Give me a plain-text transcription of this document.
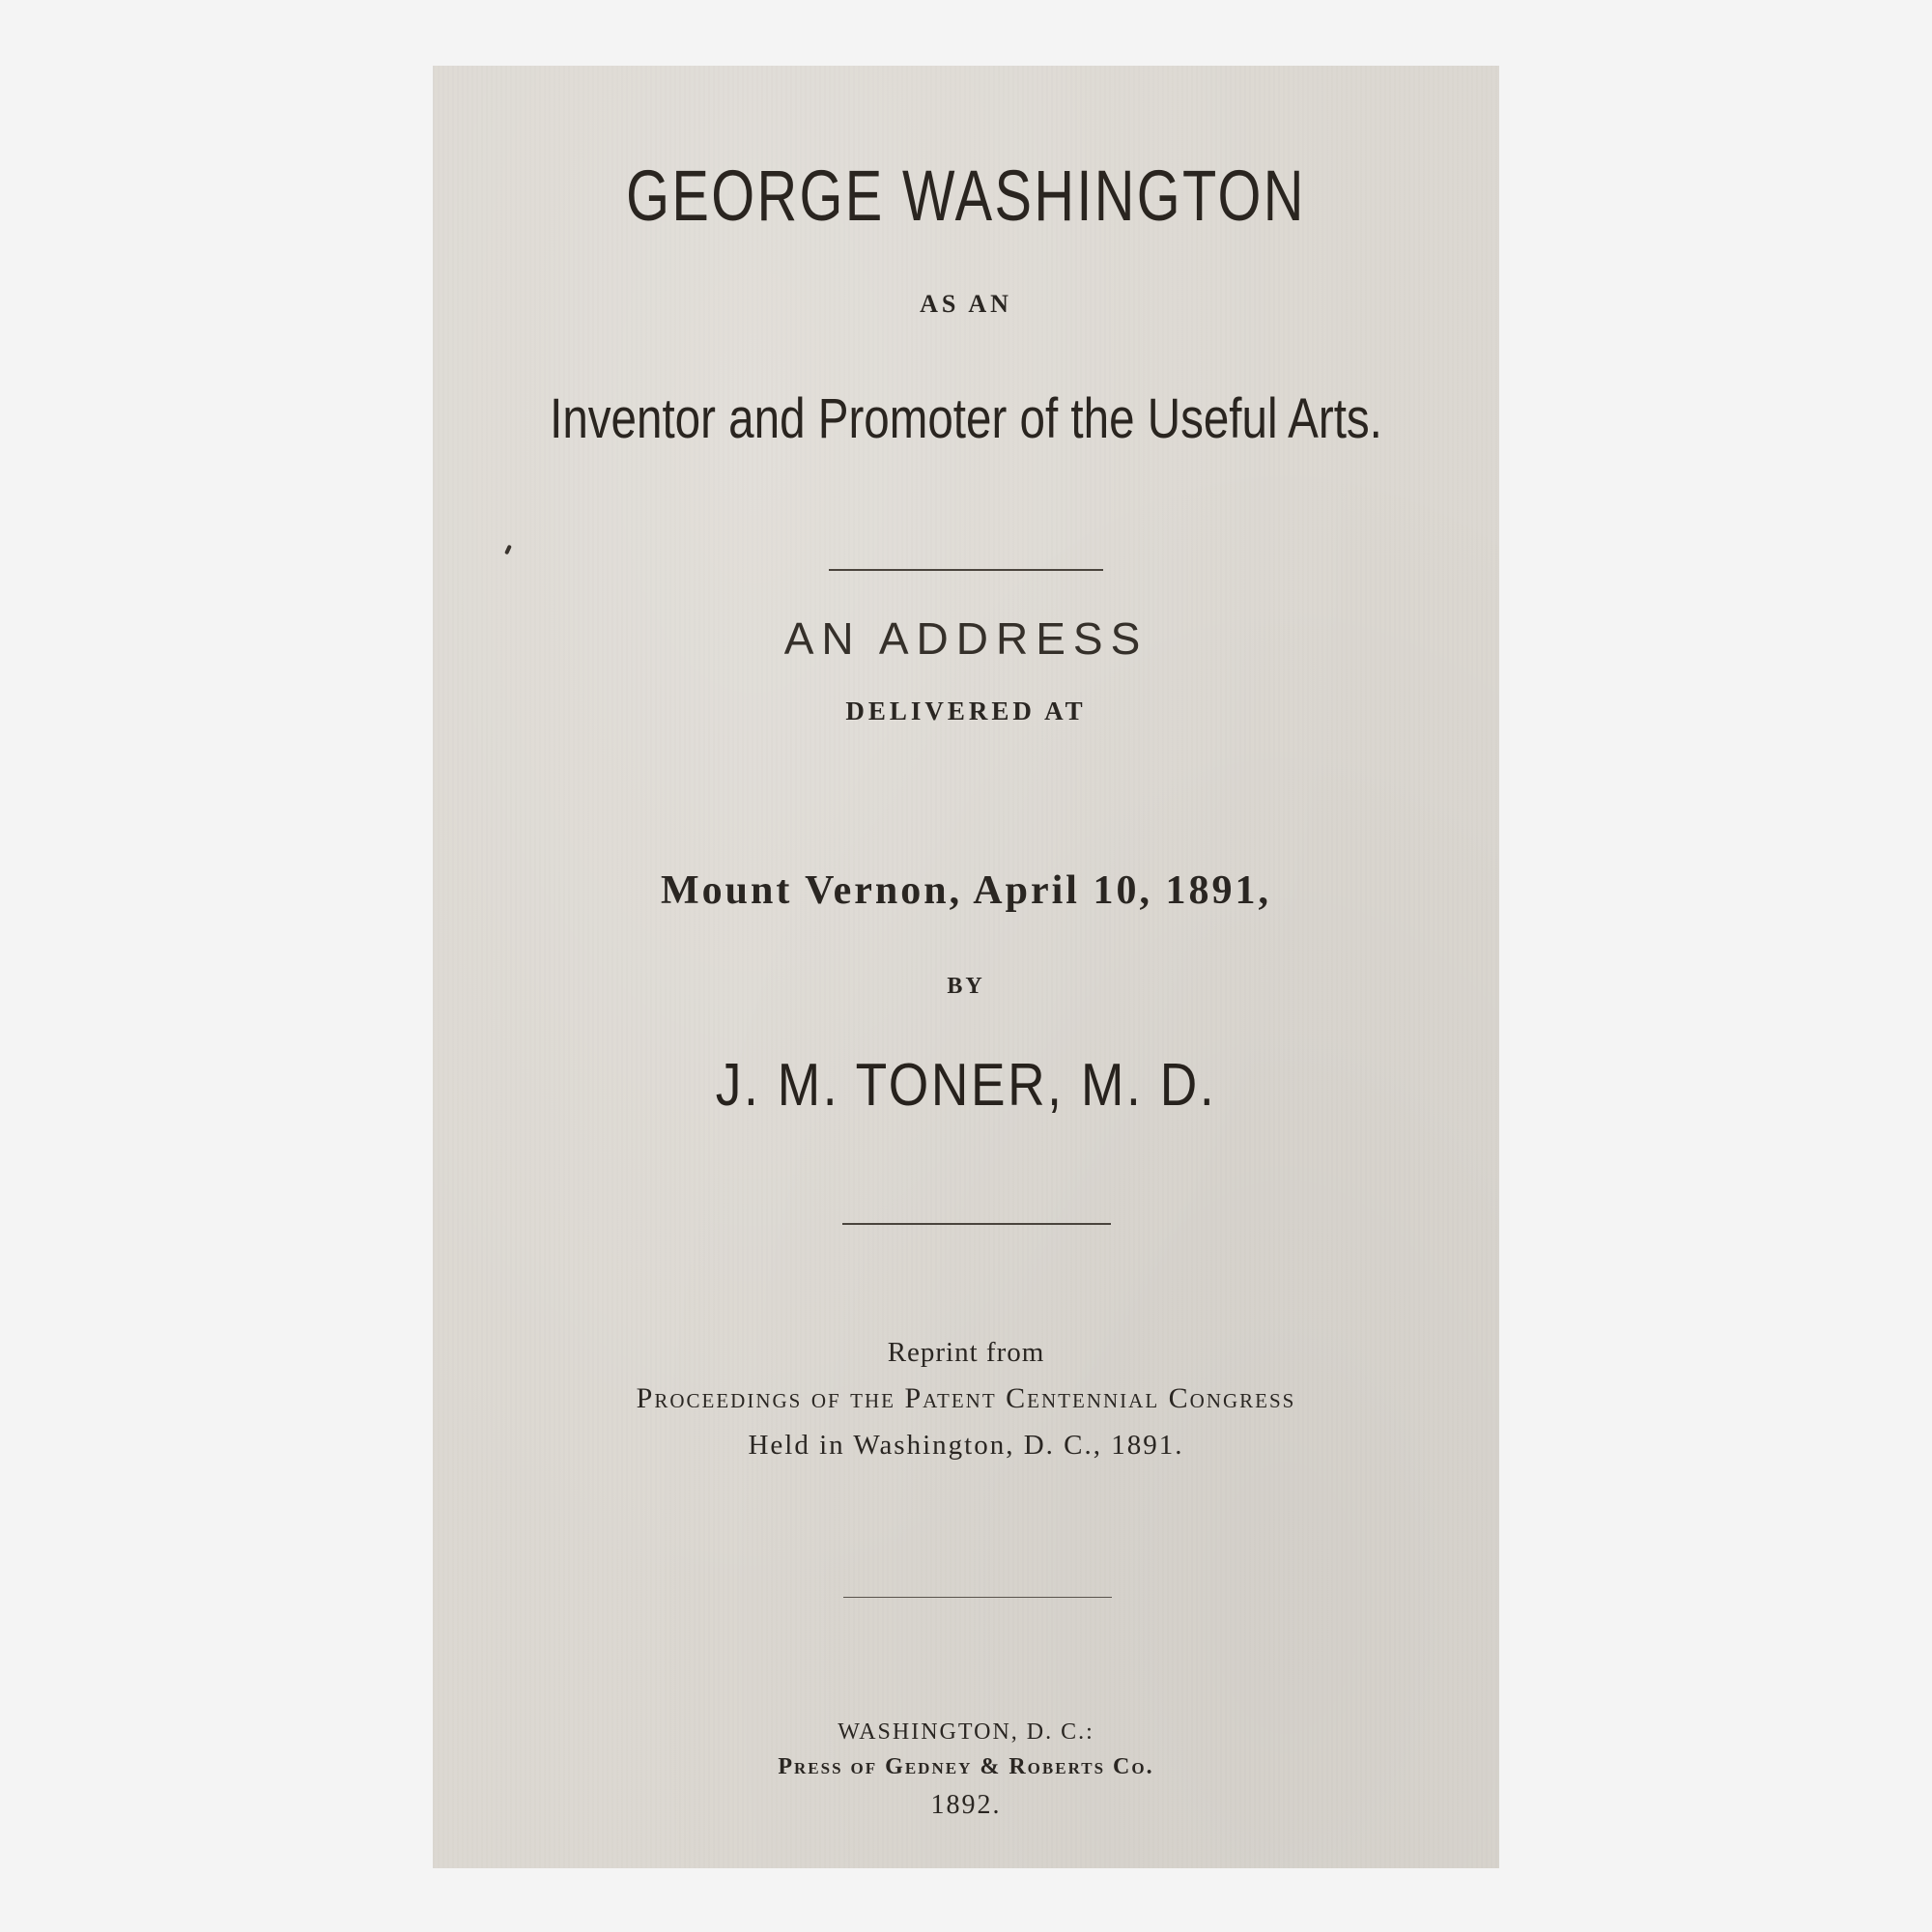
GEORGE WASHINGTON
AS AN
Inventor and Promoter of the Useful Arts.
AN ADDRESS
DELIVERED AT
Mount Vernon, April 10, 1891,
BY
J. M. TONER, M. D.
Reprint from
Proceedings of the Patent Centennial Congress
Held in Washington, D. C., 1891.
WASHINGTON, D. C.:
Press of Gedney & Roberts Co.
1892.
